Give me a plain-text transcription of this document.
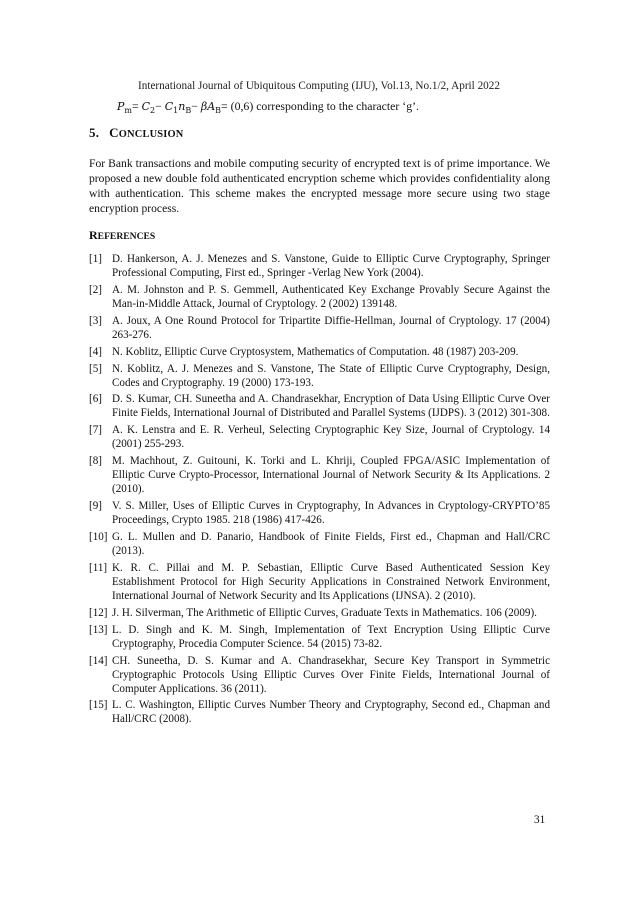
International Journal of Ubiquitous Computing (IJU), Vol.13, No.1/2, April 2022
$P_m= C_2- C_1n_B- \beta A_B= (0,6)$ corresponding to the character ‘g’.
5. CONCLUSION
For Bank transactions and mobile computing security of encrypted text is of prime importance. We proposed a new double fold authenticated encryption scheme which provides confidentiality along with authentication. This scheme makes the encrypted message more secure using two stage encryption process.
REFERENCES
[1] D. Hankerson, A. J. Menezes and S. Vanstone, Guide to Elliptic Curve Cryptography, Springer Professional Computing, First ed., Springer -Verlag New York (2004).
[2] A. M. Johnston and P. S. Gemmell, Authenticated Key Exchange Provably Secure Against the Man-in-Middle Attack, Journal of Cryptology. 2 (2002) 139148.
[3] A. Joux, A One Round Protocol for Tripartite Diffie-Hellman, Journal of Cryptology. 17 (2004) 263-276.
[4] N. Koblitz, Elliptic Curve Cryptosystem, Mathematics of Computation. 48 (1987) 203-209.
[5] N. Koblitz, A. J. Menezes and S. Vanstone, The State of Elliptic Curve Cryptography, Design, Codes and Cryptography. 19 (2000) 173-193.
[6] D. S. Kumar, CH. Suneetha and A. Chandrasekhar, Encryption of Data Using Elliptic Curve Over Finite Fields, International Journal of Distributed and Parallel Systems (IJDPS). 3 (2012) 301-308.
[7] A. K. Lenstra and E. R. Verheul, Selecting Cryptographic Key Size, Journal of Cryptology. 14 (2001) 255-293.
[8] M. Machhout, Z. Guitouni, K. Torki and L. Khriji, Coupled FPGA/ASIC Implementation of Elliptic Curve Crypto-Processor, International Journal of Network Security & Its Applications. 2 (2010).
[9] V. S. Miller, Uses of Elliptic Curves in Cryptography, In Advances in Cryptology-CRYPTO’85 Proceedings, Crypto 1985. 218 (1986) 417-426.
[10] G. L. Mullen and D. Panario, Handbook of Finite Fields, First ed., Chapman and Hall/CRC (2013).
[11] K. R. C. Pillai and M. P. Sebastian, Elliptic Curve Based Authenticated Session Key Establishment Protocol for High Security Applications in Constrained Network Environment, International Journal of Network Security and Its Applications (IJNSA). 2 (2010).
[12] J. H. Silverman, The Arithmetic of Elliptic Curves, Graduate Texts in Mathematics. 106 (2009).
[13] L. D. Singh and K. M. Singh, Implementation of Text Encryption Using Elliptic Curve Cryptography, Procedia Computer Science. 54 (2015) 73-82.
[14] CH. Suneetha, D. S. Kumar and A. Chandrasekhar, Secure Key Transport in Symmetric Cryptographic Protocols Using Elliptic Curves Over Finite Fields, International Journal of Computer Applications. 36 (2011).
[15] L. C. Washington, Elliptic Curves Number Theory and Cryptography, Second ed., Chapman and Hall/CRC (2008).
31
